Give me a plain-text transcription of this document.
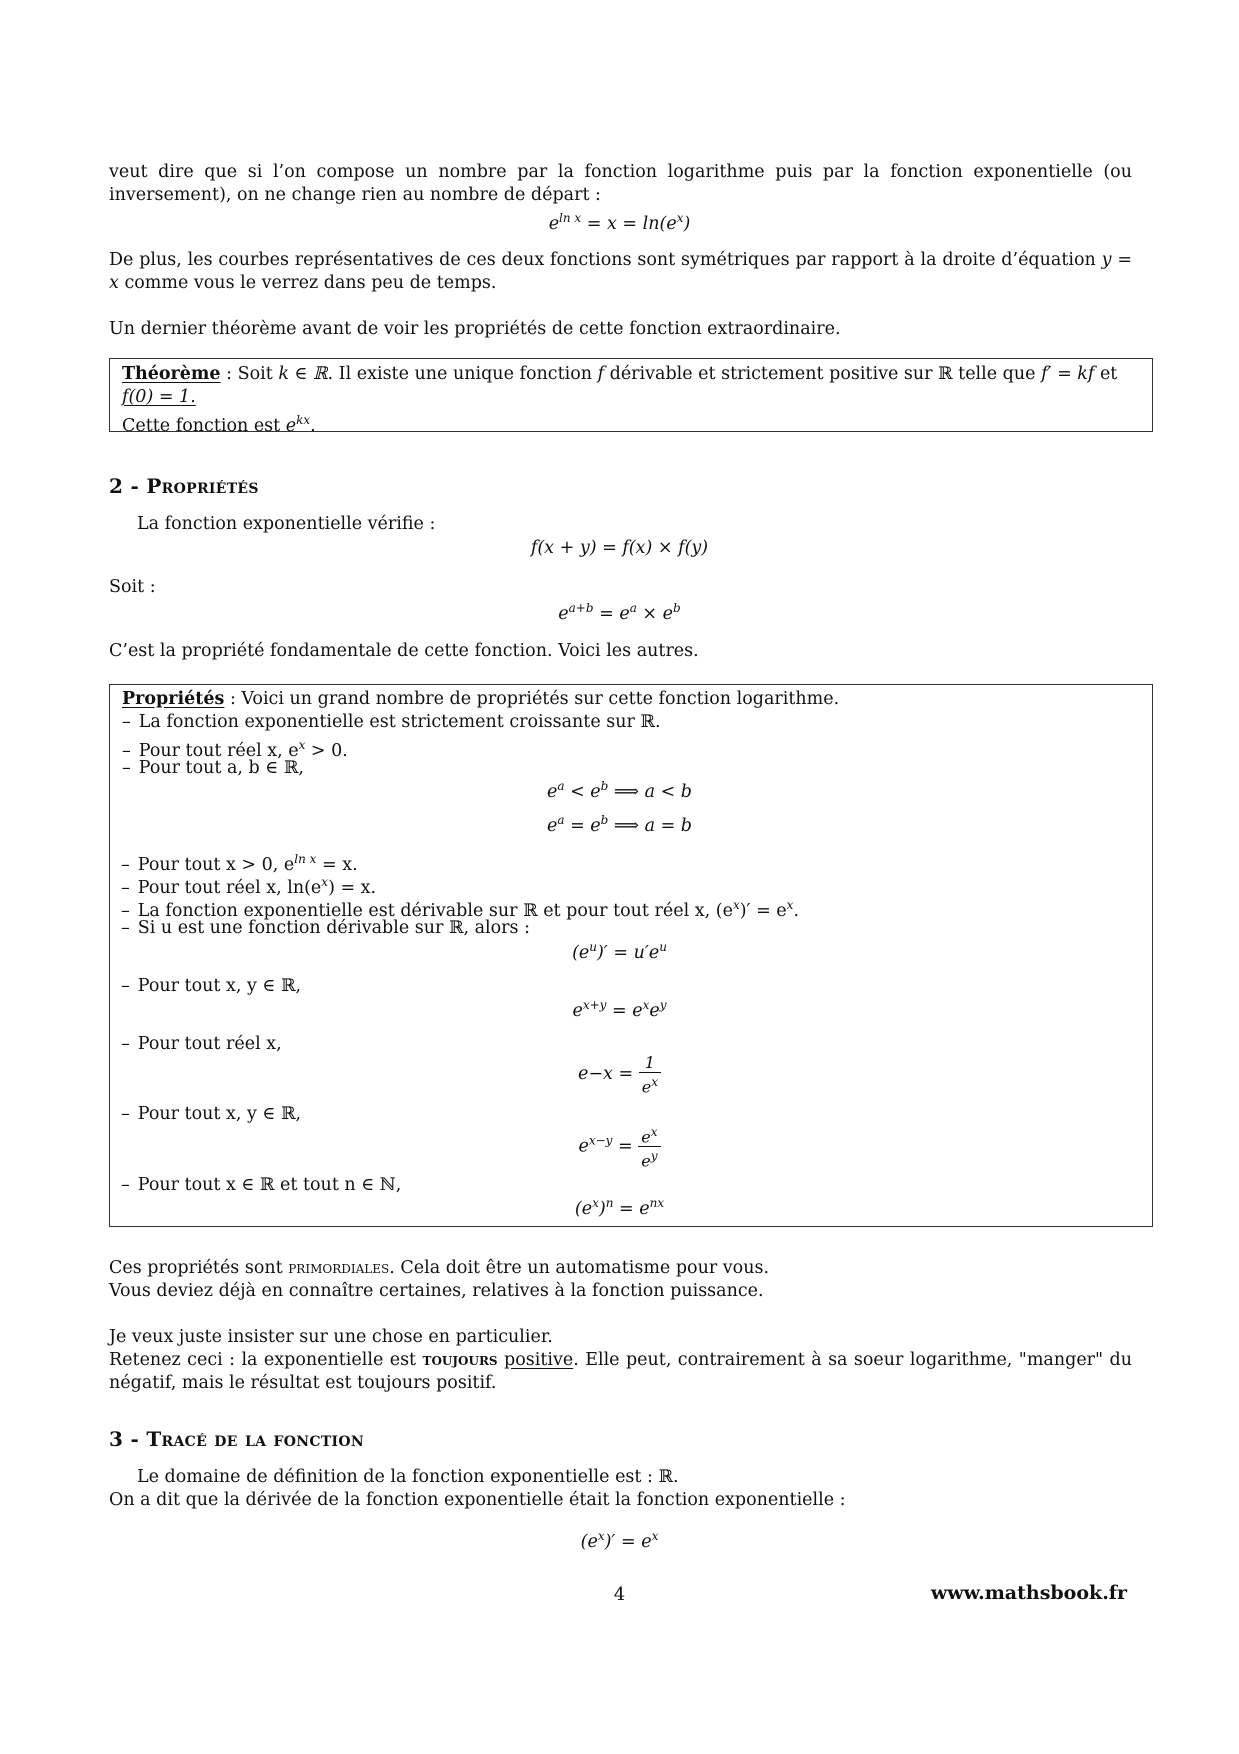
veut dire que si l’on compose un nombre par la fonction logarithme puis par la fonction exponentielle (ou inversement), on ne change rien au nombre de départ :

$e^{ln x} = x = \ln(e^x)$

De plus, les courbes représentatives de ces deux fonctions sont symétriques par rapport à la droite d’équation y = x comme vous le verrez dans peu de temps.

Un dernier théorème avant de voir les propriétés de cette fonction extraordinaire.

Théorème : Soit k ∈ ℝ. Il existe une unique fonction f dérivable et strictement positive sur ℝ telle que f′ = kf et
f(0) = 1.
Cette fonction est $e^{kx}$.
2 - Propriétés

La fonction exponentielle vérifie :

f(x + y) = f(x) × f(y)

Soit :

$e^{a+b} = e^a \times e^b$

C’est la propriété fondamentale de cette fonction. Voici les autres.

Propriétés : Voici un grand nombre de propriétés sur cette fonction logarithme.
– La fonction exponentielle est strictement croissante sur ℝ.
– Pour tout réel x, $e^x > 0$.
– Pour tout a, b ∈ ℝ,
$e^a < e^b$ ⟹ a < b
$e^a = e^b$ ⟹ a = b
– Pour tout x > 0, $e^{ln x} = x$.
– Pour tout réel x, $\ln(e^x) = x$.
– La fonction exponentielle est dérivable sur ℝ et pour tout réel x, $(e^x)' = e^x$.
– Si u est une fonction dérivable sur ℝ, alors :
$(e^u)' = u'e^u$
– Pour tout x, y ∈ ℝ,
$e^{x+y} = e^xe^y$
– Pour tout réel x,
$e-x = \frac{1}{e^x}$
– Pour tout x, y ∈ ℝ,
$e^{x-y} = \frac{e^x}{e^y}$
– Pour tout x ∈ ℝ et tout n ∈ ℕ,
$(e^x)^n = e^{nx}$

Ces propriétés sont primordiales. Cela doit être un automatisme pour vous.

Vous deviez déjà en connaître certaines, relatives à la fonction puissance.

Je veux juste insister sur une chose en particulier.

Retenez ceci : la exponentielle est toujours positive. Elle peut, contrairement à sa soeur logarithme, "manger" du négatif, mais le résultat est toujours positif.

3 - Tracé de la fonction

Le domaine de définition de la fonction exponentielle est : ℝ.

On a dit que la dérivée de la fonction exponentielle était la fonction exponentielle :

$(e^x)' = e^x$
4	www.mathsbook.fr
